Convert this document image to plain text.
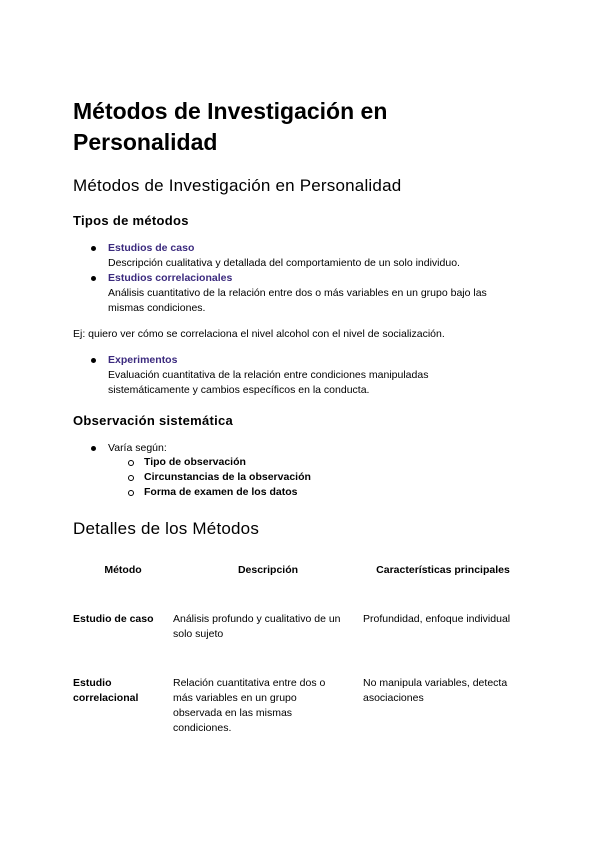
Métodos de Investigación en Personalidad
Métodos de Investigación en Personalidad
Tipos de métodos
Estudios de caso
Descripción cualitativa y detallada del comportamiento de un solo individuo.
Estudios correlacionales
Análisis cuantitativo de la relación entre dos o más variables en un grupo bajo las mismas condiciones.
Ej: quiero ver cómo se correlaciona el nivel alcohol con el nivel de socialización.
Experimentos
Evaluación cuantitativa de la relación entre condiciones manipuladas sistemáticamente y cambios específicos en la conducta.
Observación sistemática
Varía según:
Tipo de observación
Circunstancias de la observación
Forma de examen de los datos
Detalles de los Métodos
Método	Descripción	Características principales
Estudio de caso	Análisis profundo y cualitativo de un solo sujeto	Profundidad, enfoque individual
Estudio correlacional	Relación cuantitativa entre dos o más variables en un grupo observada en las mismas condiciones.	No manipula variables, detecta asociaciones
